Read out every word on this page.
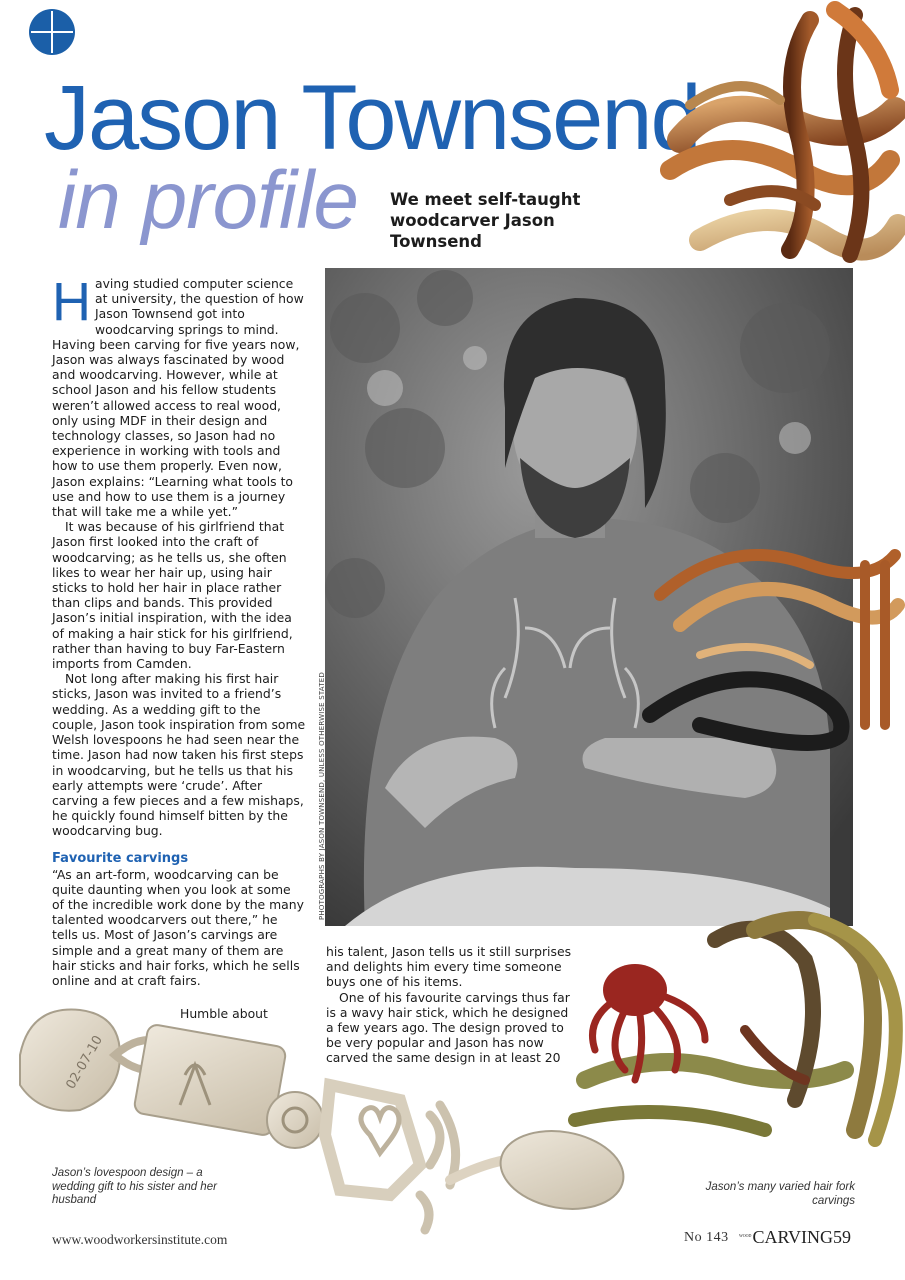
Jason Townsend
in profile We meet self-taught woodcarver Jason Townsend

Having studied computer science at university, the question of how Jason Townsend got into woodcarving springs to mind. Having been carving for five years now, Jason was always fascinated by wood and woodcarving. However, while at school Jason and his fellow students weren’t allowed access to real wood, only using MDF in their design and technology classes, so Jason had no experience in working with tools and how to use them properly. Even now, Jason explains: “Learning what tools to use and how to use them is a journey that will take me a while yet.”

It was because of his girlfriend that Jason first looked into the craft of woodcarving; as he tells us, she often likes to wear her hair up, using hair sticks to hold her hair in place rather than clips and bands. This provided Jason’s initial inspiration, with the idea of making a hair stick for his girlfriend, rather than having to buy Far-Eastern imports from Camden.

Not long after making his first hair sticks, Jason was invited to a friend’s wedding. As a wedding gift to the couple, Jason took inspiration from some Welsh lovespoons he had seen near the time. Jason had now taken his first steps in woodcarving, but he tells us that his early attempts were ‘crude’. After carving a few pieces and a few mishaps, he quickly found himself bitten by the woodcarving bug.

Favourite carvings

“As an art-form, woodcarving can be quite daunting when you look at some of the incredible work done by the many talented woodcarvers out there,” he tells us. Most of Jason’s carvings are simple and a great many of them are hair sticks and hair forks, which he sells online and at craft fairs.

Humble about
PHOTOGRAPHS BY JASON TOWNSEND, UNLESS OTHERWISE STATED

his talent, Jason tells us it still surprises and delights him every time someone buys one of his items.

One of his favourite carvings thus far is a wavy hair stick, which he designed a few years ago. The design proved to be very popular and Jason has now carved the same design in at least 20

02-07-10
Jason’s lovespoon design – a wedding gift to his sister and her husband
Jason’s many varied hair fork carvings
www.woodworkersinstitute.com	No 143	$^{WOOD}$CARVING 59
